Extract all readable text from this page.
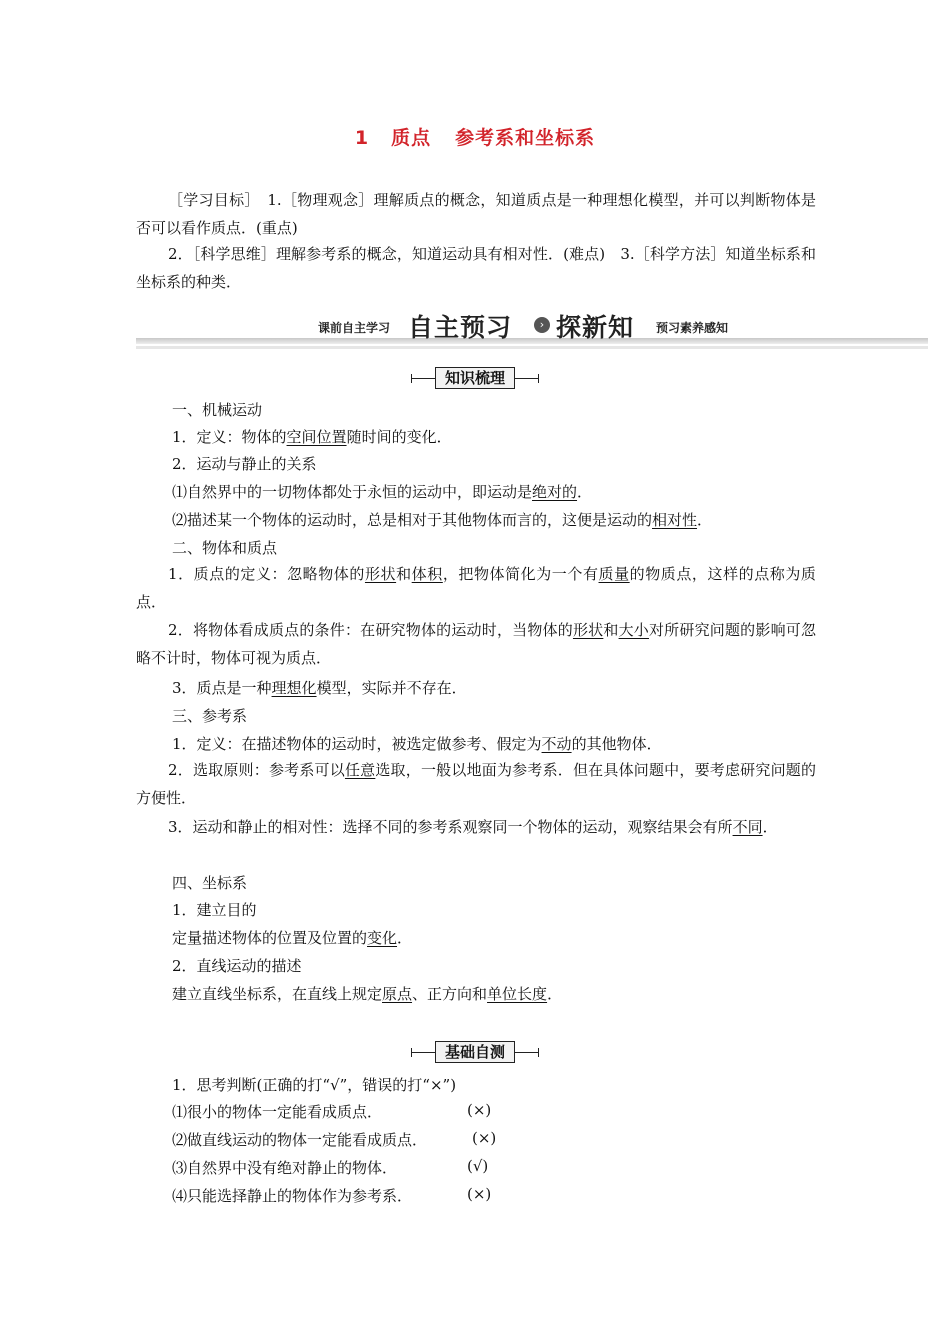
1 质点 参考系和坐标系
［学习目标］　1.［物理观念］理解质点的概念，知道质点是一种理想化模型，并可以判断物体是否可以看作质点．(重点)
2．［科学思维］理解参考系的概念，知道运动具有相对性．(难点)　3.［科学方法］知道坐标系和坐标系的种类．
课前自主学习 自主预习	› 探新知 预习素养感知
知识梳理
一、机械运动
1．定义：物体的空间位置随时间的变化．
2．运动与静止的关系
⑴自然界中的一切物体都处于永恒的运动中，即运动是绝对的．
⑵描述某一个物体的运动时，总是相对于其他物体而言的，这便是运动的相对性．
二、物体和质点
1．质点的定义：忽略物体的形状和体积，把物体简化为一个有质量的物质点，这样的点称为质点．
2．将物体看成质点的条件：在研究物体的运动时，当物体的形状和大小对所研究问题的影响可忽略不计时，物体可视为质点．
3．质点是一种理想化模型，实际并不存在．
三、参考系
1．定义：在描述物体的运动时，被选定做参考、假定为不动的其他物体．
2．选取原则：参考系可以任意选取，一般以地面为参考系．但在具体问题中，要考虑研究问题的方便性．
3．运动和静止的相对性：选择不同的参考系观察同一个物体的运动，观察结果会有所不同．
四、坐标系
1．建立目的
定量描述物体的位置及位置的变化．
2．直线运动的描述
建立直线坐标系，在直线上规定原点、正方向和单位长度．
基础自测
1．思考判断(正确的打“√”，错误的打“×”)
⑴很小的物体一定能看成质点．	(×)
⑵做直线运动的物体一定能看成质点．	(×)
⑶自然界中没有绝对静止的物体．	(√)
⑷只能选择静止的物体作为参考系．	(×)
